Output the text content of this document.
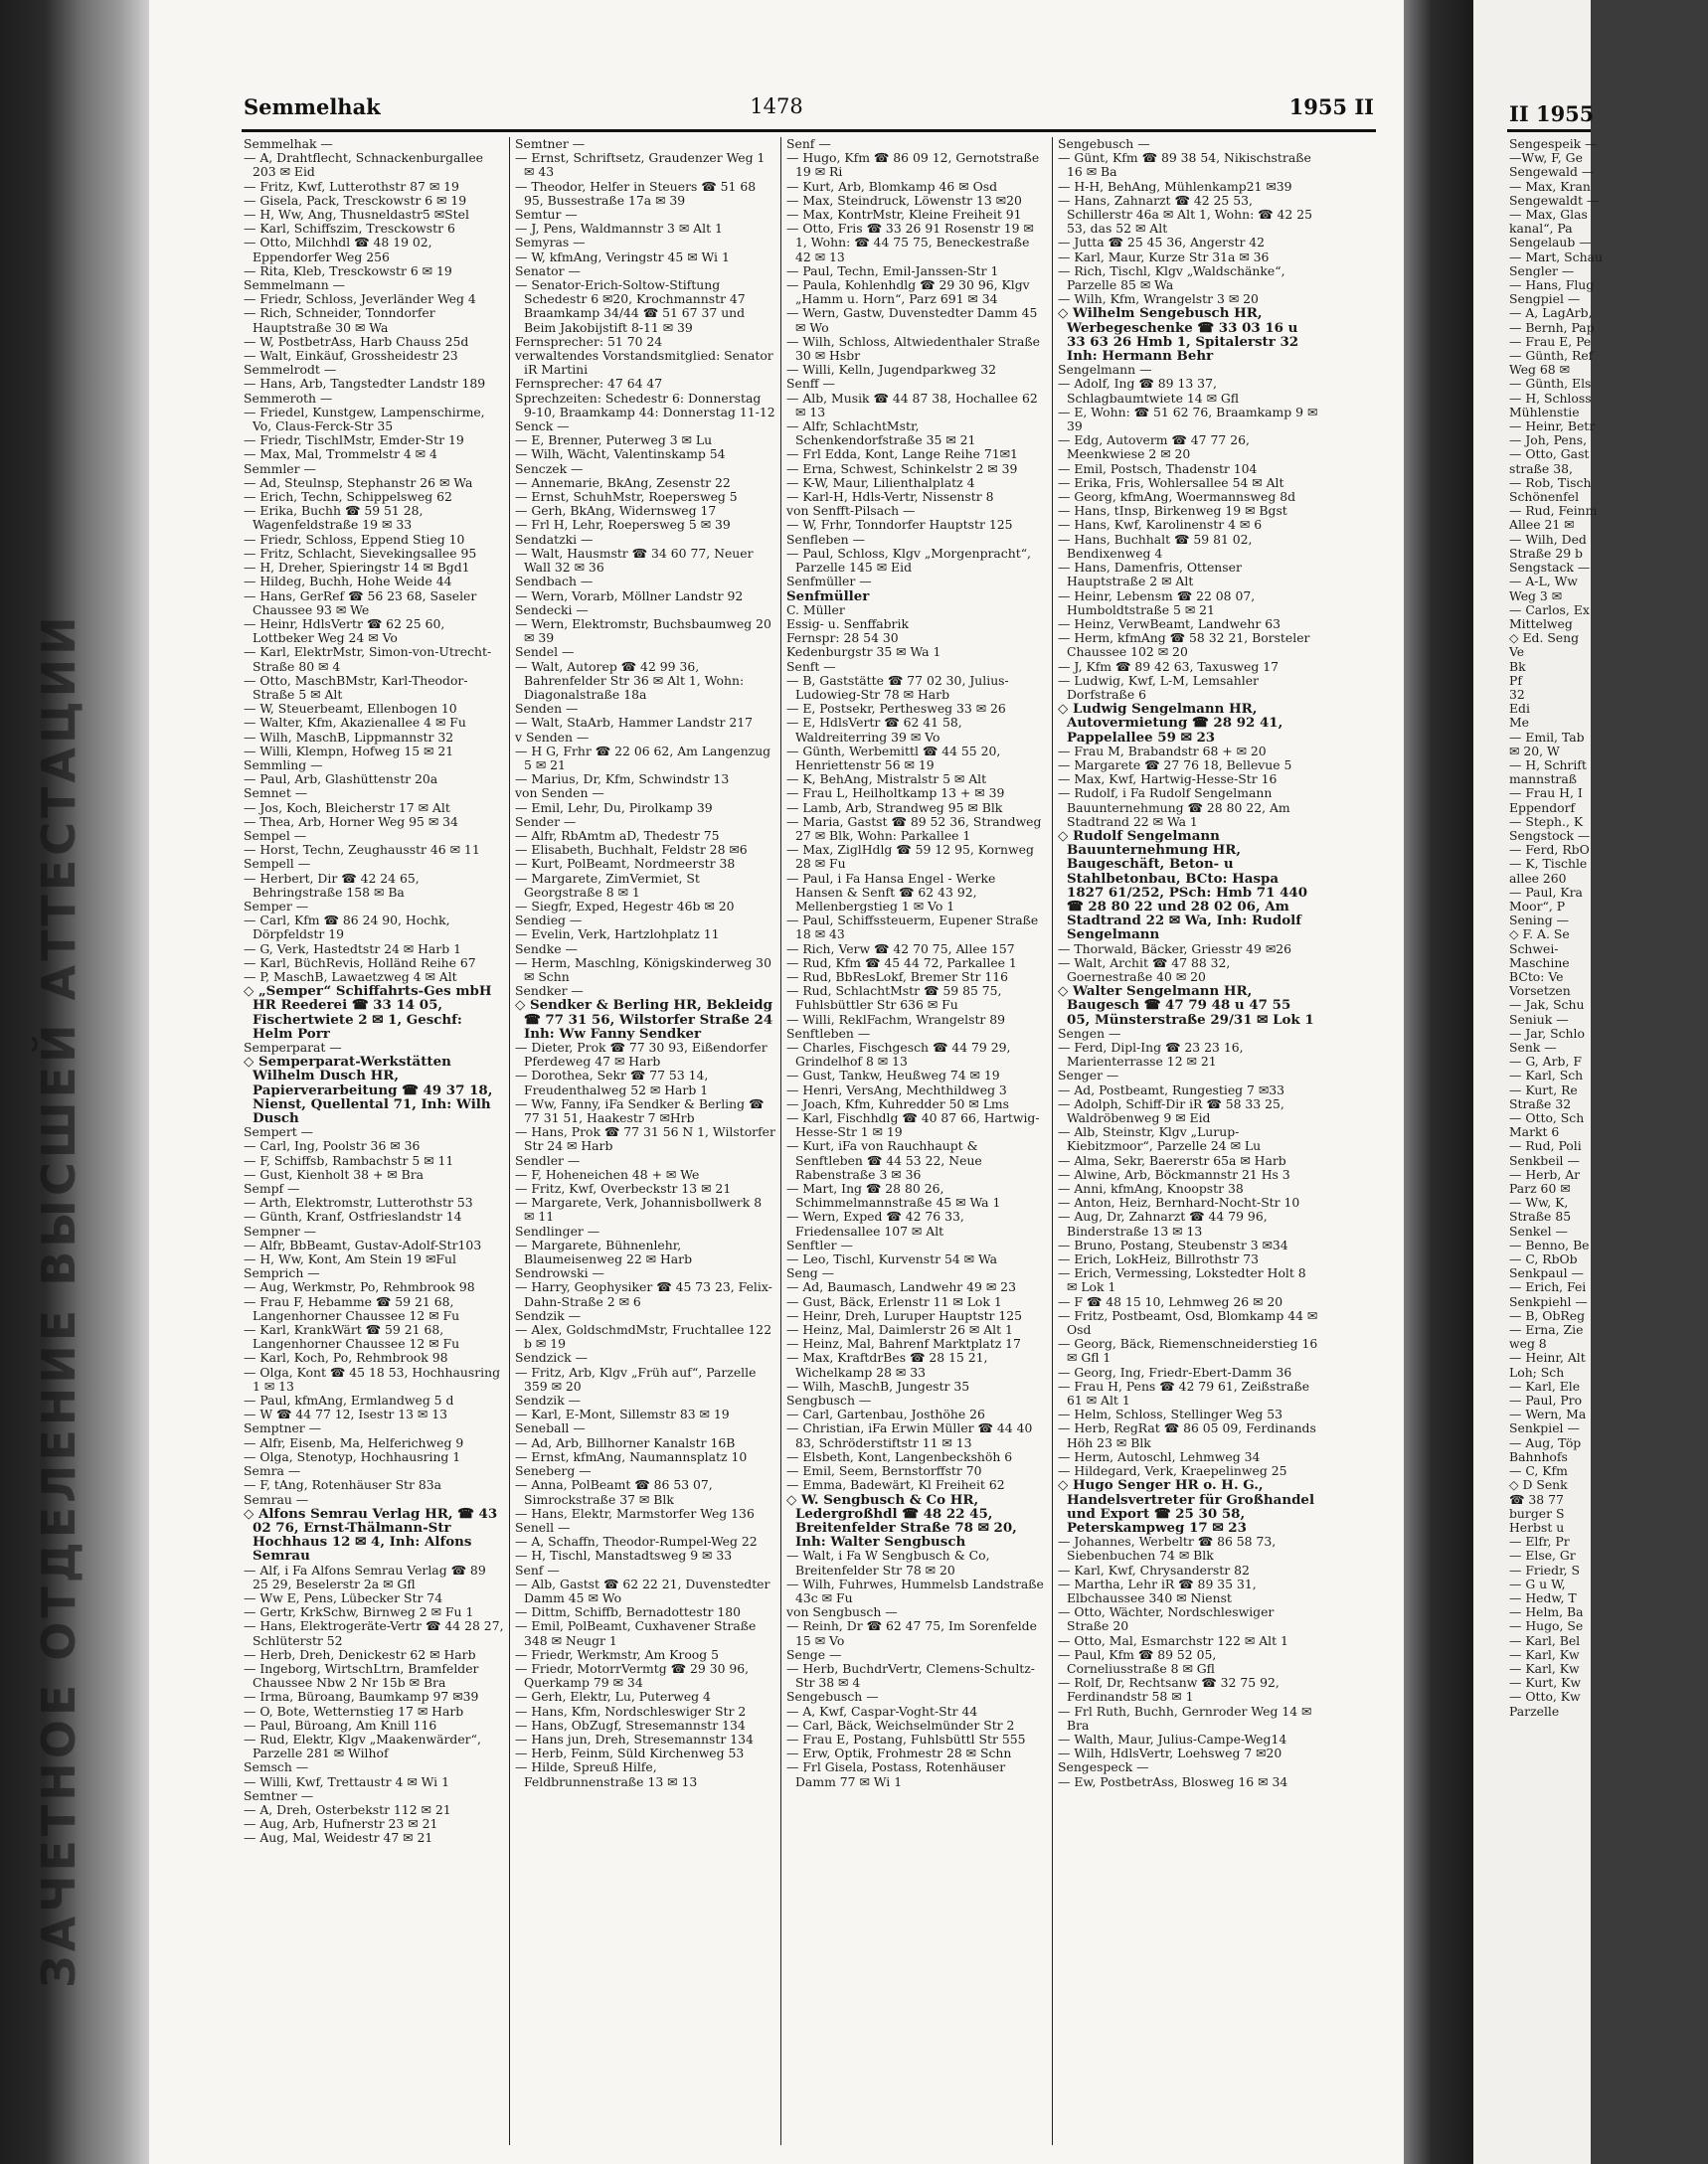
ЗАЧЕТНОЕ ОТДЕЛЕНИЕ ВЫСШЕЙ АТТЕСТАЦИИ
Semmelhak	1478	1955 II

Semmelhak —

— A, Drahtflecht, Schnackenburgallee 203 ✉ Eid

— Fritz, Kwf, Lutterothstr 87 ✉ 19

— Gisela, Pack, Tresckowstr 6 ✉ 19

— H, Ww, Ang, Thusneldastr5 ✉Stel

— Karl, Schiffszim, Tresckowstr 6

— Otto, Milchhdl ☎ 48 19 02, Eppendorfer Weg 256

— Rita, Kleb, Tresckowstr 6 ✉ 19

Semmelmann —

— Friedr, Schloss, Jeverländer Weg 4

— Rich, Schneider, Tonndorfer Hauptstraße 30 ✉ Wa

— W, PostbetrAss, Harb Chauss 25d

— Walt, Einkäuf, Grossheidestr 23

Semmelrodt —

— Hans, Arb, Tangstedter Landstr 189

Semmeroth —

— Friedel, Kunstgew, Lampenschirme, Vo, Claus-Ferck-Str 35

— Friedr, TischlMstr, Emder-Str 19

— Max, Mal, Trommelstr 4 ✉ 4

Semmler —

— Ad, Steulnsp, Stephanstr 26 ✉ Wa

— Erich, Techn, Schippelsweg 62

— Erika, Buchh ☎ 59 51 28, Wagenfeldstraße 19 ✉ 33

— Friedr, Schloss, Eppend Stieg 10

— Fritz, Schlacht, Sievekingsallee 95

— H, Dreher, Spieringstr 14 ✉ Bgd1

— Hildeg, Buchh, Hohe Weide 44

— Hans, GerRef ☎ 56 23 68, Saseler Chaussee 93 ✉ We

— Heinr, HdlsVertr ☎ 62 25 60, Lottbeker Weg 24 ✉ Vo

— Karl, ElektrMstr, Simon-von-Utrecht-Straße 80 ✉ 4

— Otto, MaschBMstr, Karl-Theodor-Straße 5 ✉ Alt

— W, Steuerbeamt, Ellenbogen 10

— Walter, Kfm, Akazienallee 4 ✉ Fu

— Wilh, MaschB, Lippmannstr 32

— Willi, Klempn, Hofweg 15 ✉ 21

Semmling —

— Paul, Arb, Glashüttenstr 20a

Semnet —

— Jos, Koch, Bleicherstr 17 ✉ Alt

— Thea, Arb, Horner Weg 95 ✉ 34

Sempel —

— Horst, Techn, Zeughausstr 46 ✉ 11

Sempell —

— Herbert, Dir ☎ 42 24 65, Behringstraße 158 ✉ Ba

Semper —

— Carl, Kfm ☎ 86 24 90, Hochk, Dörpfeldstr 19

— G, Verk, Hastedtstr 24 ✉ Harb 1

— Karl, BüchRevis, Holländ Reihe 67

— P, MaschB, Lawaetzweg 4 ✉ Alt

◇ „Semper“ Schiffahrts-Ges mbH HR Reederei ☎ 33 14 05, Fischertwiete 2 ✉ 1, Geschf: Helm Porr

Semperparat —

◇ Semperparat-Werkstätten Wilhelm Dusch HR, Papierverarbeitung ☎ 49 37 18, Nienst, Quellental 71, Inh: Wilh Dusch

Sempert —

— Carl, Ing, Poolstr 36 ✉ 36

— F, Schiffsb, Rambachstr 5 ✉ 11

— Gust, Kienholt 38 + ✉ Bra

Sempf —

— Arth, Elektromstr, Lutterothstr 53

— Günth, Kranf, Ostfrieslandstr 14

Sempner —

— Alfr, BbBeamt, Gustav-Adolf-Str103

— H, Ww, Kont, Am Stein 19 ✉Ful

Semprich —

— Aug, Werkmstr, Po, Rehmbrook 98

— Frau F, Hebamme ☎ 59 21 68, Langenhorner Chaussee 12 ✉ Fu

— Karl, KrankWärt ☎ 59 21 68, Langenhorner Chaussee 12 ✉ Fu

— Karl, Koch, Po, Rehmbrook 98

— Olga, Kont ☎ 45 18 53, Hochhausring 1 ✉ 13

— Paul, kfmAng, Ermlandweg 5 d

— W ☎ 44 77 12, Isestr 13 ✉ 13

Semptner —

— Alfr, Eisenb, Ma, Helferichweg 9

— Olga, Stenotyp, Hochhausring 1

Semra —

— F, tAng, Rotenhäuser Str 83a

Semrau —

◇ Alfons Semrau Verlag HR, ☎ 43 02 76, Ernst-Thälmann-Str Hochhaus 12 ✉ 4, Inh: Alfons Semrau

— Alf, i Fa Alfons Semrau Verlag ☎ 89 25 29, Beselerstr 2a ✉ Gfl

— Ww E, Pens, Lübecker Str 74

— Gertr, KrkSchw, Birnweg 2 ✉ Fu 1

— Hans, Elektrogeräte-Vertr ☎ 44 28 27, Schlüterstr 52

— Herb, Dreh, Denickestr 62 ✉ Harb

— Ingeborg, WirtschLtrn, Bramfelder Chaussee Nbw 2 Nr 15b ✉ Bra

— Irma, Büroang, Baumkamp 97 ✉39

— O, Bote, Wetternstieg 17 ✉ Harb

— Paul, Büroang, Am Knill 116

— Rud, Elektr, Klgv „Maakenwärder“, Parzelle 281 ✉ Wilhof

Semsch —

— Willi, Kwf, Trettaustr 4 ✉ Wi 1

Semtner —

— A, Dreh, Osterbekstr 112 ✉ 21

— Aug, Arb, Hufnerstr 23 ✉ 21

— Aug, Mal, Weidestr 47 ✉ 21

Semtner —

— Ernst, Schriftsetz, Graudenzer Weg 1 ✉ 43

— Theodor, Helfer in Steuers ☎ 51 68 95, Bussestraße 17a ✉ 39

Semtur —

— J, Pens, Waldmannstr 3 ✉ Alt 1

Semyras —

— W, kfmAng, Veringstr 45 ✉ Wi 1

Senator —

— Senator-Erich-Soltow-Stiftung Schedestr 6 ✉20, Krochmannstr 47 Braamkamp 34/44 ☎ 51 67 37 und Beim Jakobijstift 8-11 ✉ 39

Fernsprecher: 51 70 24

verwaltendes Vorstandsmitglied: Senator iR Martini

Fernsprecher: 47 64 47

Sprechzeiten: Schedestr 6: Donnerstag 9-10, Braamkamp 44: Donnerstag 11-12

Senck —

— E, Brenner, Puterweg 3 ✉ Lu

— Wilh, Wächt, Valentinskamp 54

Senczek —

— Annemarie, BkAng, Zesenstr 22

— Ernst, SchuhMstr, Roepersweg 5

— Gerh, BkAng, Widernsweg 17

— Frl H, Lehr, Roepersweg 5 ✉ 39

Sendatzki —

— Walt, Hausmstr ☎ 34 60 77, Neuer Wall 32 ✉ 36

Sendbach —

— Wern, Vorarb, Möllner Landstr 92

Sendecki —

— Wern, Elektromstr, Buchsbaumweg 20 ✉ 39

Sendel —

— Walt, Autorep ☎ 42 99 36, Bahrenfelder Str 36 ✉ Alt 1, Wohn: Diagonalstraße 18a

Senden —

— Walt, StaArb, Hammer Landstr 217

v Senden —

— H G, Frhr ☎ 22 06 62, Am Langenzug 5 ✉ 21

— Marius, Dr, Kfm, Schwindstr 13

von Senden —

— Emil, Lehr, Du, Pirolkamp 39

Sender —

— Alfr, RbAmtm aD, Thedestr 75

— Elisabeth, Buchhalt, Feldstr 28 ✉6

— Kurt, PolBeamt, Nordmeerstr 38

— Margarete, ZimVermiet, St Georgstraße 8 ✉ 1

— Siegfr, Exped, Hegestr 46b ✉ 20

Sendieg —

— Evelin, Verk, Hartzlohplatz 11

Sendke —

— Herm, Maschlng, Königskinderweg 30 ✉ Schn

Sendker —

◇ Sendker & Berling HR, Bekleidg ☎ 77 31 56, Wilstorfer Straße 24 Inh: Ww Fanny Sendker

— Dieter, Prok ☎ 77 30 93, Eißendorfer Pferdeweg 47 ✉ Harb

— Dorothea, Sekr ☎ 77 53 14, Freudenthalweg 52 ✉ Harb 1

— Ww, Fanny, iFa Sendker & Berling ☎ 77 31 51, Haakestr 7 ✉Hrb

— Hans, Prok ☎ 77 31 56 N 1, Wilstorfer Str 24 ✉ Harb

Sendler —

— F, Hoheneichen 48 + ✉ We

— Fritz, Kwf, Overbeckstr 13 ✉ 21

— Margarete, Verk, Johannisbollwerk 8 ✉ 11

Sendlinger —

— Margarete, Bühnenlehr, Blaumeisenweg 22 ✉ Harb

Sendrowski —

— Harry, Geophysiker ☎ 45 73 23, Felix-Dahn-Straße 2 ✉ 6

Sendzik —

— Alex, GoldschmdMstr, Fruchtallee 122 b ✉ 19

Sendzick —

— Fritz, Arb, Klgv „Früh auf“, Parzelle 359 ✉ 20

Sendzik —

— Karl, E-Mont, Sillemstr 83 ✉ 19

Seneball —

— Ad, Arb, Billhorner Kanalstr 16B

— Ernst, kfmAng, Naumannsplatz 10

Seneberg —

— Anna, PolBeamt ☎ 86 53 07, Simrockstraße 37 ✉ Blk

— Hans, Elektr, Marmstorfer Weg 136

Senell —

— A, Schaffn, Theodor-Rumpel-Weg 22

— H, Tischl, Manstadtsweg 9 ✉ 33

Senf —

— Alb, Gastst ☎ 62 22 21, Duvenstedter Damm 45 ✉ Wo

— Dittm, Schiffb, Bernadottestr 180

— Emil, PolBeamt, Cuxhavener Straße 348 ✉ Neugr 1

— Friedr, Werkmstr, Am Kroog 5

— Friedr, MotorrVermtg ☎ 29 30 96, Querkamp 79 ✉ 34

— Gerh, Elektr, Lu, Puterweg 4

— Hans, Kfm, Nordschleswiger Str 2

— Hans, ObZugf, Stresemannstr 134

— Hans jun, Dreh, Stresemannstr 134

— Herb, Feinm, Süld Kirchenweg 53

— Hilde, Spreuß Hilfe, Feldbrunnenstraße 13 ✉ 13

Senf —

— Hugo, Kfm ☎ 86 09 12, Gernotstraße 19 ✉ Ri

— Kurt, Arb, Blomkamp 46 ✉ Osd

— Max, Steindruck, Löwenstr 13 ✉20

— Max, KontrMstr, Kleine Freiheit 91

— Otto, Fris ☎ 33 26 91 Rosenstr 19 ✉ 1, Wohn: ☎ 44 75 75, Beneckestraße 42 ✉ 13

— Paul, Techn, Emil-Janssen-Str 1

— Paula, Kohlenhdlg ☎ 29 30 96, Klgv „Hamm u. Horn“, Parz 691 ✉ 34

— Wern, Gastw, Duvenstedter Damm 45 ✉ Wo

— Wilh, Schloss, Altwiedenthaler Straße 30 ✉ Hsbr

— Willi, Kelln, Jugendparkweg 32

Senff —

— Alb, Musik ☎ 44 87 38, Hochallee 62 ✉ 13

— Alfr, SchlachtMstr, Schenkendorfstraße 35 ✉ 21

— Frl Edda, Kont, Lange Reihe 71✉1

— Erna, Schwest, Schinkelstr 2 ✉ 39

— K-W, Maur, Lilienthalplatz 4

— Karl-H, Hdls-Vertr, Nissenstr 8

von Senfft-Pilsach —

— W, Frhr, Tonndorfer Hauptstr 125

Senfleben —

— Paul, Schloss, Klgv „Morgenpracht“, Parzelle 145 ✉ Eid

Senfmüller —

Senfmüller

C. Müller

Essig- u. Senffabrik

Fernspr: 28 54 30

Kedenburgstr 35 ✉ Wa 1

Senft —

— B, Gaststätte ☎ 77 02 30, Julius-Ludowieg-Str 78 ✉ Harb

— E, Postsekr, Perthesweg 33 ✉ 26

— E, HdlsVertr ☎ 62 41 58, Waldreiterring 39 ✉ Vo

— Günth, Werbemittl ☎ 44 55 20, Henriettenstr 56 ✉ 19

— K, BehAng, Mistralstr 5 ✉ Alt

— Frau L, Heilholtkamp 13 + ✉ 39

— Lamb, Arb, Strandweg 95 ✉ Blk

— Maria, Gastst ☎ 89 52 36, Strandweg 27 ✉ Blk, Wohn: Parkallee 1

— Max, ZiglHdlg ☎ 59 12 95, Kornweg 28 ✉ Fu

— Paul, i Fa Hansa Engel - Werke Hansen & Senft ☎ 62 43 92, Mellenbergstieg 1 ✉ Vo 1

— Paul, Schiffssteuerm, Eupener Straße 18 ✉ 43

— Rich, Verw ☎ 42 70 75, Allee 157

— Rud, Kfm ☎ 45 44 72, Parkallee 1

— Rud, BbResLokf, Bremer Str 116

— Rud, SchlachtMstr ☎ 59 85 75, Fuhlsbüttler Str 636 ✉ Fu

— Willi, ReklFachm, Wrangelstr 89

Senftleben —

— Charles, Fischgesch ☎ 44 79 29, Grindelhof 8 ✉ 13

— Gust, Tankw, Heußweg 74 ✉ 19

— Henri, VersAng, Mechthildweg 3

— Joach, Kfm, Kuhredder 50 ✉ Lms

— Karl, Fischhdlg ☎ 40 87 66, Hartwig-Hesse-Str 1 ✉ 19

— Kurt, iFa von Rauchhaupt & Senftleben ☎ 44 53 22, Neue Rabenstraße 3 ✉ 36

— Mart, Ing ☎ 28 80 26, Schimmelmannstraße 45 ✉ Wa 1

— Wern, Exped ☎ 42 76 33, Friedensallee 107 ✉ Alt

Senftler —

— Leo, Tischl, Kurvenstr 54 ✉ Wa

Seng —

— Ad, Baumasch, Landwehr 49 ✉ 23

— Gust, Bäck, Erlenstr 11 ✉ Lok 1

— Heinr, Dreh, Luruper Hauptstr 125

— Heinz, Mal, Daimlerstr 26 ✉ Alt 1

— Heinz, Mal, Bahrenf Marktplatz 17

— Max, KraftdrBes ☎ 28 15 21, Wichelkamp 28 ✉ 33

— Wilh, MaschB, Jungestr 35

Sengbusch —

— Carl, Gartenbau, Josthöhe 26

— Christian, iFa Erwin Müller ☎ 44 40 83, Schröderstiftstr 11 ✉ 13

— Elsbeth, Kont, Langenbeckshöh 6

— Emil, Seem, Bernstorffstr 70

— Emma, Badewärt, Kl Freiheit 62

◇ W. Sengbusch & Co HR, Ledergroßhdl ☎ 48 22 45, Breitenfelder Straße 78 ✉ 20, Inh: Walter Sengbusch

— Walt, i Fa W Sengbusch & Co, Breitenfelder Str 78 ✉ 20

— Wilh, Fuhrwes, Hummelsb Landstraße 43c ✉ Fu

von Sengbusch —

— Reinh, Dr ☎ 62 47 75, Im Sorenfelde 15 ✉ Vo

Senge —

— Herb, BuchdrVertr, Clemens-Schultz-Str 38 ✉ 4

Sengebusch —

— A, Kwf, Caspar-Voght-Str 44

— Carl, Bäck, Weichselmünder Str 2

— Frau E, Postang, Fuhlsbüttl Str 555

— Erw, Optik, Frohmestr 28 ✉ Schn

— Frl Gisela, Postass, Rotenhäuser Damm 77 ✉ Wi 1

Sengebusch —

— Günt, Kfm ☎ 89 38 54, Nikischstraße 16 ✉ Ba

— H-H, BehAng, Mühlenkamp21 ✉39

— Hans, Zahnarzt ☎ 42 25 53, Schillerstr 46a ✉ Alt 1, Wohn: ☎ 42 25 53, das 52 ✉ Alt

— Jutta ☎ 25 45 36, Angerstr 42

— Karl, Maur, Kurze Str 31a ✉ 36

— Rich, Tischl, Klgv „Waldschänke“, Parzelle 85 ✉ Wa

— Wilh, Kfm, Wrangelstr 3 ✉ 20

◇ Wilhelm Sengebusch HR, Werbegeschenke ☎ 33 03 16 u 33 63 26 Hmb 1, Spitalerstr 32 Inh: Hermann Behr

Sengelmann —

— Adolf, Ing ☎ 89 13 37, Schlagbaumtwiete 14 ✉ Gfl

— E, Wohn: ☎ 51 62 76, Braamkamp 9 ✉ 39

— Edg, Autoverm ☎ 47 77 26, Meenkwiese 2 ✉ 20

— Emil, Postsch, Thadenstr 104

— Erika, Fris, Wohlersallee 54 ✉ Alt

— Georg, kfmAng, Woermannsweg 8d

— Hans, tInsp, Birkenweg 19 ✉ Bgst

— Hans, Kwf, Karolinenstr 4 ✉ 6

— Hans, Buchhalt ☎ 59 81 02, Bendixenweg 4

— Hans, Damenfris, Ottenser Hauptstraße 2 ✉ Alt

— Heinr, Lebensm ☎ 22 08 07, Humboldtstraße 5 ✉ 21

— Heinz, VerwBeamt, Landwehr 63

— Herm, kfmAng ☎ 58 32 21, Borsteler Chaussee 102 ✉ 20

— J, Kfm ☎ 89 42 63, Taxusweg 17

— Ludwig, Kwf, L-M, Lemsahler Dorfstraße 6

◇ Ludwig Sengelmann HR, Autovermietung ☎ 28 92 41, Pappelallee 59 ✉ 23

— Frau M, Brabandstr 68 + ✉ 20

— Margarete ☎ 27 76 18, Bellevue 5

— Max, Kwf, Hartwig-Hesse-Str 16

— Rudolf, i Fa Rudolf Sengelmann Bauunternehmung ☎ 28 80 22, Am Stadtrand 22 ✉ Wa 1

◇ Rudolf Sengelmann Bauunternehmung HR, Baugeschäft, Beton- u Stahlbetonbau, BCto: Haspa 1827 61/252, PSch: Hmb 71 440 ☎ 28 80 22 und 28 02 06, Am Stadtrand 22 ✉ Wa, Inh: Rudolf Sengelmann

— Thorwald, Bäcker, Griesstr 49 ✉26

— Walt, Archit ☎ 47 88 32, Goernestraße 40 ✉ 20

◇ Walter Sengelmann HR, Baugesch ☎ 47 79 48 u 47 55 05, Münsterstraße 29/31 ✉ Lok 1

Sengen —

— Ferd, Dipl-Ing ☎ 23 23 16, Marienterrasse 12 ✉ 21

Senger —

— Ad, Postbeamt, Rungestieg 7 ✉33

— Adolph, Schiff-Dir iR ☎ 58 33 25, Waldröbenweg 9 ✉ Eid

— Alb, Steinstr, Klgv „Lurup-Kiebitzmoor“, Parzelle 24 ✉ Lu

— Alma, Sekr, Baererstr 65a ✉ Harb

— Alwine, Arb, Böckmannstr 21 Hs 3

— Anni, kfmAng, Knoopstr 38

— Anton, Heiz, Bernhard-Nocht-Str 10

— Aug, Dr, Zahnarzt ☎ 44 79 96, Binderstraße 13 ✉ 13

— Bruno, Postang, Steubenstr 3 ✉34

— Erich, LokHeiz, Billrothstr 73

— Erich, Vermessing, Lokstedter Holt 8 ✉ Lok 1

— F ☎ 48 15 10, Lehmweg 26 ✉ 20

— Fritz, Postbeamt, Osd, Blomkamp 44 ✉ Osd

— Georg, Bäck, Riemenschneiderstieg 16 ✉ Gfl 1

— Georg, Ing, Friedr-Ebert-Damm 36

— Frau H, Pens ☎ 42 79 61, Zeißstraße 61 ✉ Alt 1

— Helm, Schloss, Stellinger Weg 53

— Herb, RegRat ☎ 86 05 09, Ferdinands Höh 23 ✉ Blk

— Herm, Autoschl, Lehmweg 34

— Hildegard, Verk, Kraepelinweg 25

◇ Hugo Senger HR o. H. G., Handelsvertreter für Großhandel und Export ☎ 25 30 58, Peterskampweg 17 ✉ 23

— Johannes, Werbeltr ☎ 86 58 73, Siebenbuchen 74 ✉ Blk

— Karl, Kwf, Chrysanderstr 82

— Martha, Lehr iR ☎ 89 35 31, Elbchaussee 340 ✉ Nienst

— Otto, Wächter, Nordschleswiger Straße 20

— Otto, Mal, Esmarchstr 122 ✉ Alt 1

— Paul, Kfm ☎ 89 52 05, Corneliusstraße 8 ✉ Gfl

— Rolf, Dr, Rechtsanw ☎ 32 75 92, Ferdinandstr 58 ✉ 1

— Frl Ruth, Buchh, Gernroder Weg 14 ✉ Bra

— Walth, Maur, Julius-Campe-Weg14

— Wilh, HdlsVertr, Loehsweg 7 ✉20

Sengespeck —

— Ew, PostbetrAss, Blosweg 16 ✉ 34

II 1955
Sengespeik —
—Ww, F, Ge
Sengewald —
— Max, Kran
Sengewaldt —
— Max, Glas
kanal“, Pa
Sengelaub —
— Mart, Schau
Sengler —
— Hans, Flug
Sengpiel —
— A, LagArb,
— Bernh, Pap
— Frau E, Pe
— Günth, Ref
Weg 68 ✉
— Günth, Els
— H, Schloss
Mühlenstie
— Heinr, Betr
— Joh, Pens,
— Otto, Gast
straße 38,
— Rob, Tisch
Schönenfel
— Rud, Feinm
Allee 21 ✉
— Wilh, Ded
Straße 29 b
Sengstack —
— A-L, Ww
Weg 3 ✉
— Carlos, Ex
Mittelweg
◇ Ed. Seng
Ve
Bk
Pf
32
Edi
Me
— Emil, Tab
✉ 20, W
— H, Schrift
mannstraß
— Frau H, I
Eppendorf
— Steph., K
Sengstock —
— Ferd, RbO
— K, Tischle
allee 260
— Paul, Kra
Moor“, P
Sening —
◇ F. A. Se
Schwei-
Maschine
BCto: Ve
Vorsetzen
— Jak, Schu
Seniuk —
— Jar, Schlo
Senk —
— G, Arb, F
— Karl, Sch
— Kurt, Re
Straße 32
— Otto, Sch
Markt 6
— Rud, Poli
Senkbeil —
— Herb, Ar
Parz 60 ✉
— Ww, K,
Straße 85
Senkel —
— Benno, Be
— C, RbOb
Senkpaul —
— Erich, Fei
Senkpiehl —
— B, ObReg
— Erna, Zie
weg 8
— Heinr, Alt
Loh; Sch
— Karl, Ele
— Paul, Pro
— Wern, Ma
Senkpiel —
— Aug, Töp
Bahnhofs
— C, Kfm
◇ D Senk
☎ 38 77
burger S
Herbst u
— Elfr, Pr
— Else, Gr
— Friedr, S
— G u W,
— Hedw, T
— Helm, Ba
— Hugo, Se
— Karl, Bel
— Karl, Kw
— Karl, Kw
— Kurt, Kw
— Otto, Kw
Parzelle
